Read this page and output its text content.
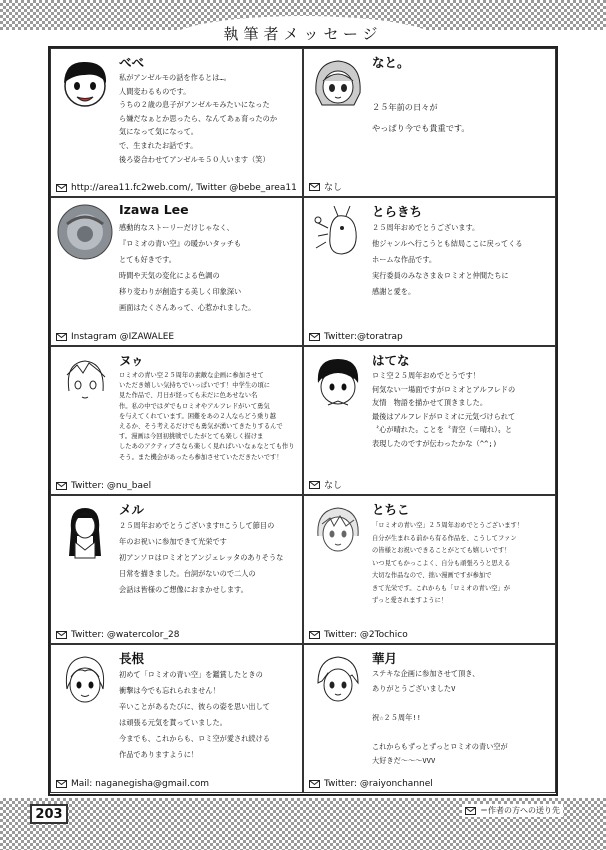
執筆者メッセージ
べべ
私がアンゼルモの話を作るとは…。
人間変わるものです。
うちの２歳の息子がアンゼルモみたいになった
ら嫌だなぁとか思ったら、なんてあぁ育ったのか
気になって気になって。
で、生まれたお話です。
後ろ姿合わせてアンゼルモ５０人います（笑）
http://area11.fc2web.com/, Twitter @bebe_area11
なと。
２５年前の日々が
やっぱり今でも貴重です。
なし
Izawa Lee
感動的なストーリーだけじゃなく、
『ロミオの青い空』の暖かいタッチも
とても好きです。
時間や天気の変化による色調の
移り変わりが創造する美しく印象深い
画面はたくさんあって、心惹かれました。
Instagram @IZAWALEE
とらきち
２５周年おめでとうございます。
他ジャンルへ行こうとも結局ここに戻ってくる
ホームな作品です。
実行委員のみなさま＆ロミオと仲間たちに
感謝と愛を。
Twitter:@toratrap
ヌゥ
ロミオの青い空２５周年の素敵な企画に参加させて
いただき嬉しい気持ちでいっぱいです！中学生の頃に
見た作品で、月日が経っても未だに色あせない名
作。私の中ではダでもロミオやアルフレドがいて勇気
を与えてくれています。困難をあの２人ならどう乗り越
えるか、そう考えるだけでも勇気が湧いてきたりするんで
す。漫画は今回初挑戦でしたがとても楽しく描けま
したあのアクティブさなら楽しく見ればいいなぁなとても作り
そう。また機会があったら参加させていただきたいです！
Twitter: @nu_bael
はてな
ロミ空２５周年おめでとうです！
何気ない一場面ですがロミオとアルフレドの
友情　物語を描かせて頂きました。
最後はアルフレドがロミオに元気づけられて
〝心が晴れた〟ことを〝青空（＝晴れ）〟と
表現したのですが伝わったかな（^^;)
なし
メル
２５周年おめでとうございます‼こうして節目の
年のお祝いに参加できて光栄です
初アンソロはロミオとアンジェレッタのありそうな
日常を描きました。台詞がないので二人の
会話は皆様のご想像におまかせします。
Twitter: @watercolor_28
とちこ
「ロミオの青い空」２５周年おめでとうございます！
自分が生まれる前から有る作品を、こうしてファン
の皆様とお祝いできることがとても嬉しいです！
いつ見てもかっこよく、自分も頑張ろうと思える
大切な作品なので、拙い漫画ですが参加で
きて光栄です。これからも「ロミオの青い空」が
ずっと愛されますように！
Twitter: @2Tochico
長根
初めて「ロミオの青い空」を鑑賞したときの
衝撃は今でも忘れられません！
辛いことがあるたびに、彼らの姿を思い出して
は頑張る元気を貰っていました。
今までも、これからも、ロミ空が愛され続ける
作品でありますように！
Mail: naganegisha@gmail.com
華月
ステキな企画に参加させて頂き、
ありがとうございましたV

祝☆２５周年!!

これからもずっとずっとロミオの青い空が
大好きだ〜〜〜VVV
Twitter: @raiyonchannel
203	＝作者の方への送り先
